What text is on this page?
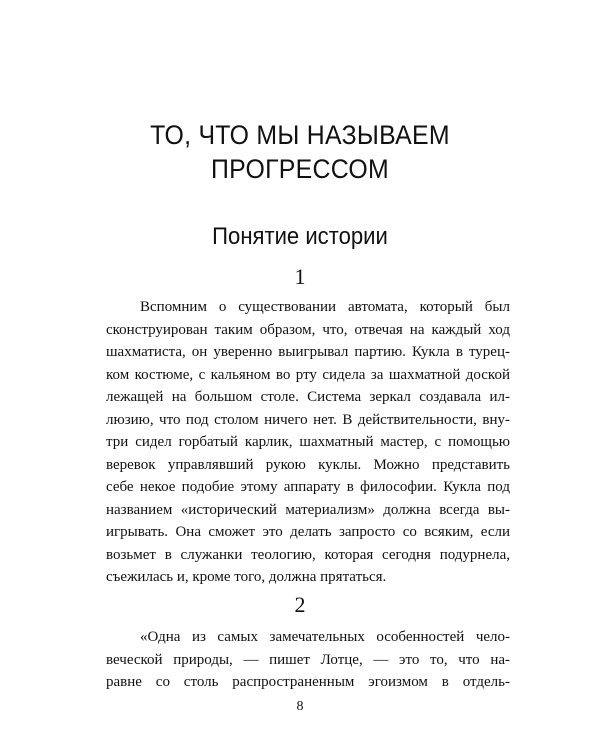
ТО, ЧТО МЫ НАЗЫВАЕМ
ПРОГРЕССОМ
Понятие истории
1
Вспомним о существовании автомата, который был
сконструирован таким образом, что, отвечая на каждый ход
шахматиста, он уверенно выигрывал партию. Кукла в турец-
ком костюме, с кальяном во рту сидела за шахматной доской
лежащей на большом столе. Система зеркал создавала ил-
люзию, что под столом ничего нет. В действительности, вну-
три сидел горбатый карлик, шахматный мастер, с помощью
веревок управлявший рукою куклы. Можно представить
себе некое подобие этому аппарату в философии. Кукла под
названием «исторический материализм» должна всегда вы-
игрывать. Она сможет это делать запросто со всяким, если
возьмет в служанки теологию, которая сегодня подурнела,
съежилась и, кроме того, должна прятаться.
2
«Одна из самых замечательных особенностей чело-
веческой природы, — пишет Лотце, — это то, что на-
равне со столь распространенным эгоизмом в отдель-
8
